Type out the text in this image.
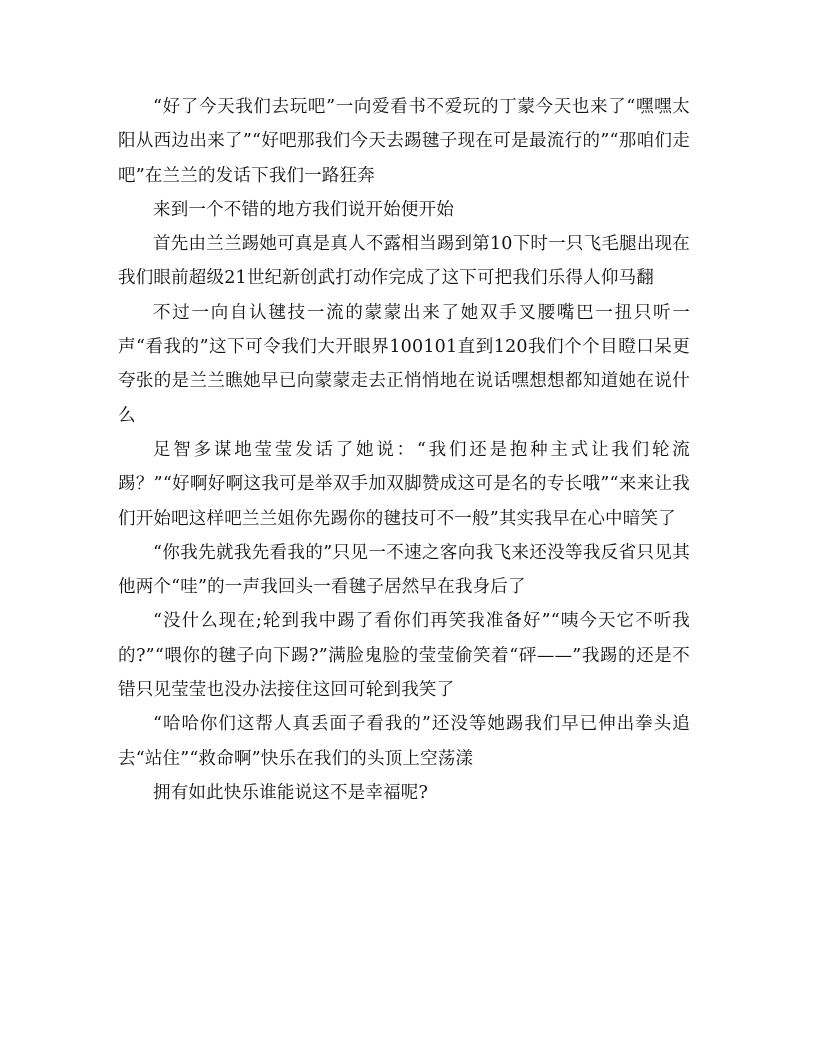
“好了今天我们去玩吧”一向爱看书不爱玩的丁蒙今天也来了“嘿嘿太阳从西边出来了”“好吧那我们今天去踢毽子现在可是最流行的”“那咱们走吧”在兰兰的发话下我们一路狂奔

来到一个不错的地方我们说开始便开始

首先由兰兰踢她可真是真人不露相当踢到第10下时一只飞毛腿出现在我们眼前超级21世纪新创武打动作完成了这下可把我们乐得人仰马翻

不过一向自认毽技一流的蒙蒙出来了她双手叉腰嘴巴一扭只听一声“看我的”这下可令我们大开眼界100101直到120我们个个目瞪口呆更夸张的是兰兰瞧她早已向蒙蒙走去正悄悄地在说话嘿想想都知道她在说什么

足智多谋地莹莹发话了她说：“我们还是抱种主式让我们轮流踢？”“好啊好啊这我可是举双手加双脚赞成这可是名的专长哦”“来来让我们开始吧这样吧兰兰姐你先踢你的毽技可不一般”其实我早在心中暗笑了

“你我先就我先看我的”只见一不速之客向我飞来还没等我反省只见其他两个“哇”的一声我回头一看毽子居然早在我身后了

“没什么现在;轮到我中踢了看你们再笑我准备好”“咦今天它不听我的?”“喂你的毽子向下踢?”满脸鬼脸的莹莹偷笑着“砰——”我踢的还是不错只见莹莹也没办法接住这回可轮到我笑了

“哈哈你们这帮人真丢面子看我的”还没等她踢我们早已伸出拳头追去“站住”“救命啊”快乐在我们的头顶上空荡漾

拥有如此快乐谁能说这不是幸福呢?
